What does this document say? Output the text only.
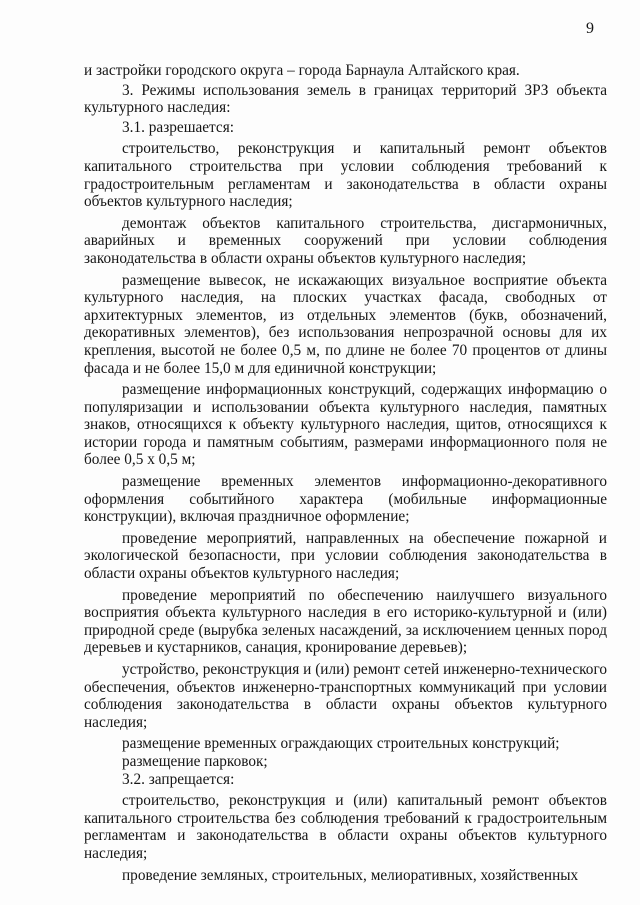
9

и застройки городского округа – города Барнаула Алтайского края.

3. Режимы использования земель в границах территорий ЗРЗ объекта культурного наследия:

3.1. разрешается:

строительство, реконструкция и капитальный ремонт объектов капитального строительства при условии соблюдения требований к градостроительным регламентам и законодательства в области охраны объектов культурного наследия;

демонтаж объектов капитального строительства, дисгармоничных, аварийных и временных сооружений при условии соблюдения законодательства в области охраны объектов культурного наследия;

размещение вывесок, не искажающих визуальное восприятие объекта культурного наследия, на плоских участках фасада, свободных от архитектурных элементов, из отдельных элементов (букв, обозначений, декоративных элементов), без использования непрозрачной основы для их крепления, высотой не более 0,5 м, по длине не более 70 процентов от длины фасада и не более 15,0 м для единичной конструкции;

размещение информационных конструкций, содержащих информацию о популяризации и использовании объекта культурного наследия, памятных знаков, относящихся к объекту культурного наследия, щитов, относящихся к истории города и памятным событиям, размерами информационного поля не более 0,5 х 0,5 м;

размещение временных элементов информационно-декоративного оформления событийного характера (мобильные информационные конструкции), включая праздничное оформление;

проведение мероприятий, направленных на обеспечение пожарной и экологической безопасности, при условии соблюдения законодательства в области охраны объектов культурного наследия;

проведение мероприятий по обеспечению наилучшего визуального восприятия объекта культурного наследия в его историко-культурной и (или) природной среде (вырубка зеленых насаждений, за исключением ценных пород деревьев и кустарников, санация, кронирование деревьев);

устройство, реконструкция и (или) ремонт сетей инженерно-технического обеспечения, объектов инженерно-транспортных коммуникаций при условии соблюдения законодательства в области охраны объектов культурного наследия;

размещение временных ограждающих строительных конструкций;

размещение парковок;

3.2. запрещается:

строительство, реконструкция и (или) капитальный ремонт объектов капитального строительства без соблюдения требований к градостроительным регламентам и законодательства в области охраны объектов культурного наследия;

проведение земляных, строительных, мелиоративных, хозяйственных
